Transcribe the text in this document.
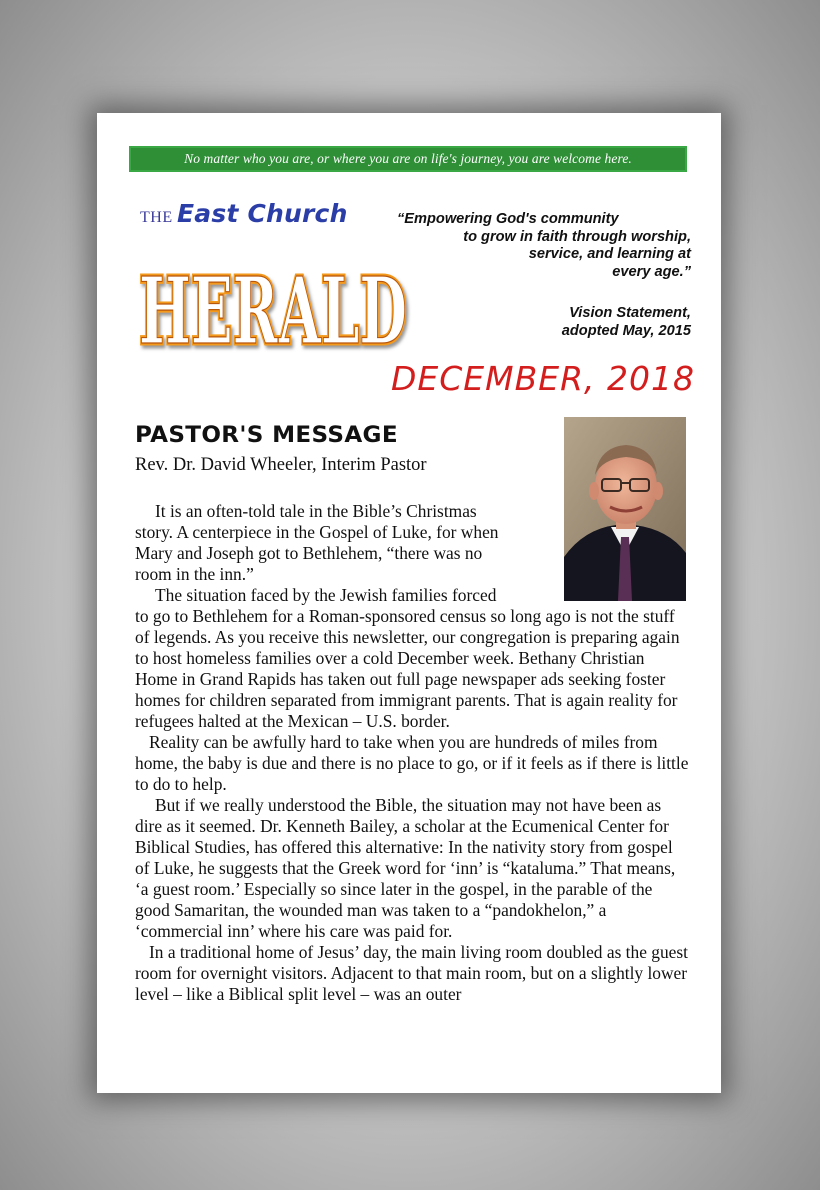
No matter who you are, or where you are on life's journey, you are welcome here.
THE East Church
HERALD
HERALD
“Empowering God's community
to grow in faith through worship,
service, and learning at
every age.”
Vision Statement,
adopted May, 2015
DECEMBER, 2018
PASTOR'S MESSAGE
Rev. Dr. David Wheeler, Interim Pastor

It is an often-told tale in the Bible’s Christmas

story. A centerpiece in the Gospel of Luke, for when

Mary and Joseph got to Bethlehem, “there was no

room in the inn.”

The situation faced by the Jewish families forced

to go to Bethlehem for a Roman-sponsored census so long ago is not the stuff of legends. As you receive this newsletter, our congregation is preparing again to host homeless families over a cold December week. Bethany Christian Home in Grand Rapids has taken out full page newspaper ads seeking foster homes for children separated from immigrant parents. That is again reality for refugees halted at the Mexican – U.S. border.

Reality can be awfully hard to take when you are hundreds of miles from home, the baby is due and there is no place to go, or if it feels as if there is little to do to help.

But if we really understood the Bible, the situation may not have been as dire as it seemed. Dr. Kenneth Bailey, a scholar at the Ecumenical Center for Biblical Studies, has offered this alternative: In the nativity story from gospel of Luke, he suggests that the Greek word for ‘inn’ is “kataluma.” That means, ‘a guest room.’ Especially so since later in the gospel, in the parable of the good Samaritan, the wounded man was taken to a “pandokhelon,” a ‘commercial inn’ where his care was paid for.

In a traditional home of Jesus’ day, the main living room doubled as the guest room for overnight visitors. Adjacent to that main room, but on a slightly lower level – like a Biblical split level – was an outer
